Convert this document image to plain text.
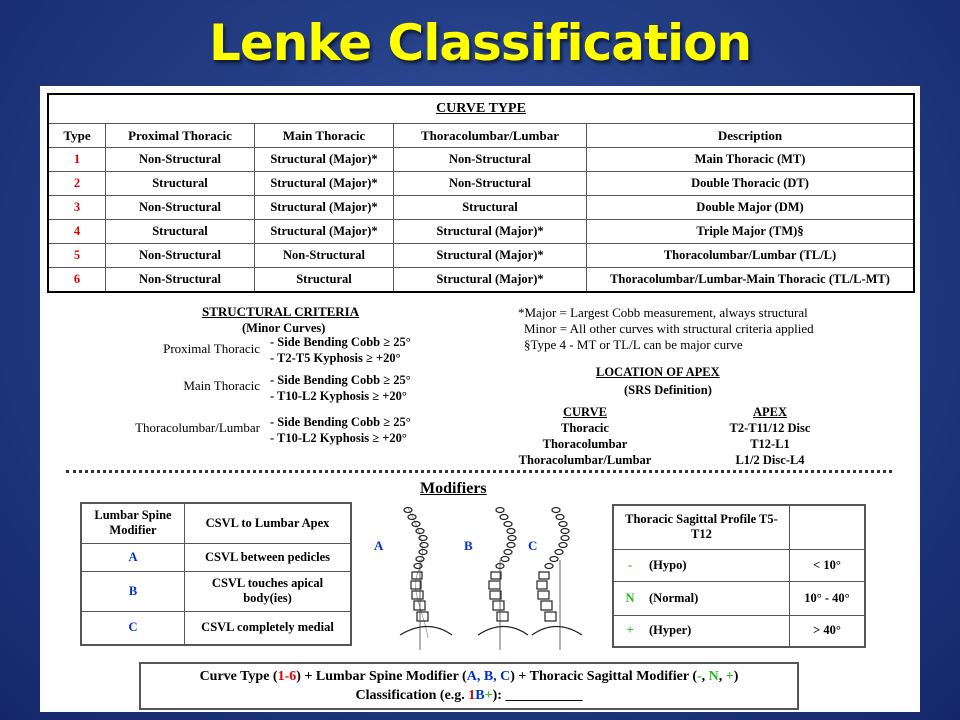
Lenke Classification
CURVE TYPE				
Type	Proximal Thoracic	Main Thoracic	Thoracolumbar/Lumbar	Description
1	Non-Structural	Structural (Major)*	Non-Structural	Main Thoracic (MT)
2	Structural	Structural (Major)*	Non-Structural	Double Thoracic (DT)
3	Non-Structural	Structural (Major)*	Structural	Double Major (DM)
4	Structural	Structural (Major)*	Structural (Major)*	Triple Major (TM)§
5	Non-Structural	Non-Structural	Structural (Major)*	Thoracolumbar/Lumbar (TL/L)
6	Non-Structural	Structural	Structural (Major)*	Thoracolumbar/Lumbar-Main Thoracic (TL/L-MT)
STRUCTURAL CRITERIA
(Minor Curves)
Proximal Thoracic - Side Bending Cobb ≥ 25°
- T2-T5 Kyphosis ≥ +20°
Main Thoracic - Side Bending Cobb ≥ 25°
- T10-L2 Kyphosis ≥ +20°
Thoracolumbar/Lumbar - Side Bending Cobb ≥ 25°
- T10-L2 Kyphosis ≥ +20°
*Major = Largest Cobb measurement, always structural
Minor = All other curves with structural criteria applied
§Type 4 - MT or TL/L can be major curve
LOCATION OF APEX
(SRS Definition)
CURVE	APEX
Thoracic	T2-T11/12 Disc
Thoracolumbar	T12-L1
Thoracolumbar/Lumbar	L1/2 Disc-L4
Modifiers
Lumbar Spine Modifier	CSVL to Lumbar Apex
A	CSVL between pedicles
B	CSVL touches apical body(ies)
C	CSVL completely medial
A	B	C
Thoracic Sagittal Profile T5-T12		
-	(Hypo)	< 10°
N	(Normal)	10° - 40°
+	(Hyper)	> 40°
Curve Type (1-6) + Lumbar Spine Modifier (A, B, C) + Thoracic Sagittal Modifier (-, N, +)
Classification (e.g. 1B+): ___________
